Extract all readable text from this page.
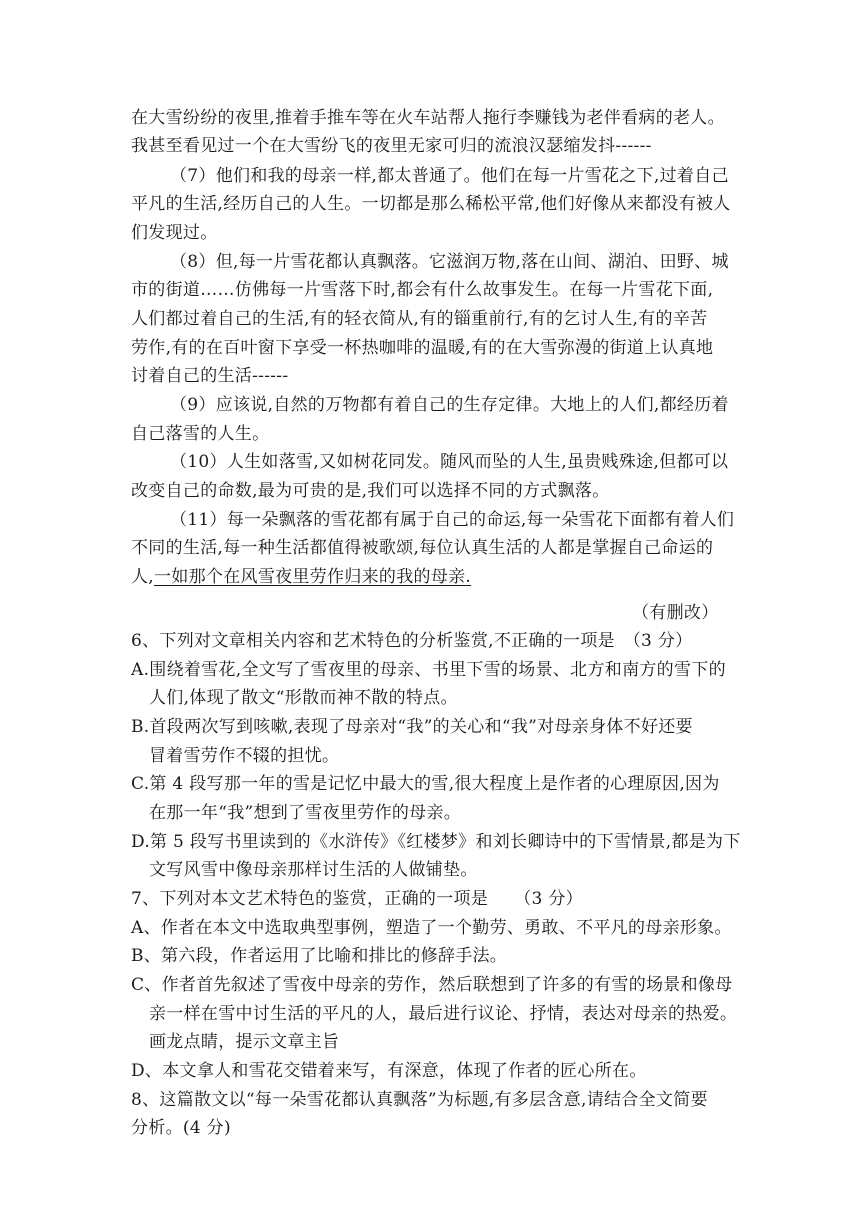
在大雪纷纷的夜里,推着手推车等在火车站帮人拖行李赚钱为老伴看病的老人。
我甚至看见过一个在大雪纷飞的夜里无家可归的流浪汉瑟缩发抖------
（7）他们和我的母亲一样,都太普通了。他们在每一片雪花之下,过着自己
平凡的生活,经历自己的人生。一切都是那么稀松平常,他们好像从来都没有被人
们发现过。
（8）但,每一片雪花都认真飘落。它滋润万物,落在山间、湖泊、田野、城
市的街道……仿佛每一片雪落下时,都会有什么故事发生。在每一片雪花下面,
人们都过着自己的生活,有的轻衣简从,有的锱重前行,有的乞讨人生,有的辛苦
劳作,有的在百叶窗下享受一杯热咖啡的温暖,有的在大雪弥漫的街道上认真地
讨着自己的生活------
（9）应该说,自然的万物都有着自己的生存定律。大地上的人们,都经历着
自己落雪的人生。
（10）人生如落雪,又如树花同发。随风而坠的人生,虽贵贱殊途,但都可以
改变自己的命数,最为可贵的是,我们可以选择不同的方式飘落。
（11）每一朵飘落的雪花都有属于自己的命运,每一朵雪花下面都有着人们
不同的生活,每一种生活都值得被歌颂,每位认真生活的人都是掌握自己命运的
人,一如那个在风雪夜里劳作归来的我的母亲.
（有删改）
6、下列对文章相关内容和艺术特色的分析鉴赏,不正确的一项是　（3 分）
A.围绕着雪花,全文写了雪夜里的母亲、书里下雪的场景、北方和南方的雪下的
人们,体现了散文“形散而神不散的特点。
B.首段两次写到咳嗽,表现了母亲对“我”的关心和“我”对母亲身体不好还要
冒着雪劳作不辍的担忧。
C.第 4 段写那一年的雪是记忆中最大的雪,很大程度上是作者的心理原因,因为
在那一年“我”想到了雪夜里劳作的母亲。
D.第 5 段写书里读到的《水浒传》《红楼梦》和刘长卿诗中的下雪情景,都是为下
文写风雪中像母亲那样讨生活的人做铺垫。
7、下列对本文艺术特色的鉴赏，正确的一项是　　（3 分）
A、作者在本文中选取典型事例，塑造了一个勤劳、勇敢、不平凡的母亲形象。
B、第六段，作者运用了比喻和排比的修辞手法。
C、作者首先叙述了雪夜中母亲的劳作，然后联想到了许多的有雪的场景和像母
亲一样在雪中讨生活的平凡的人，最后进行议论、抒情，表达对母亲的热爱。
画龙点睛，提示文章主旨
D、本文拿人和雪花交错着来写，有深意，体现了作者的匠心所在。
8、这篇散文以“每一朵雪花都认真飘落”为标题,有多层含意,请结合全文简要
分析。(4 分)
